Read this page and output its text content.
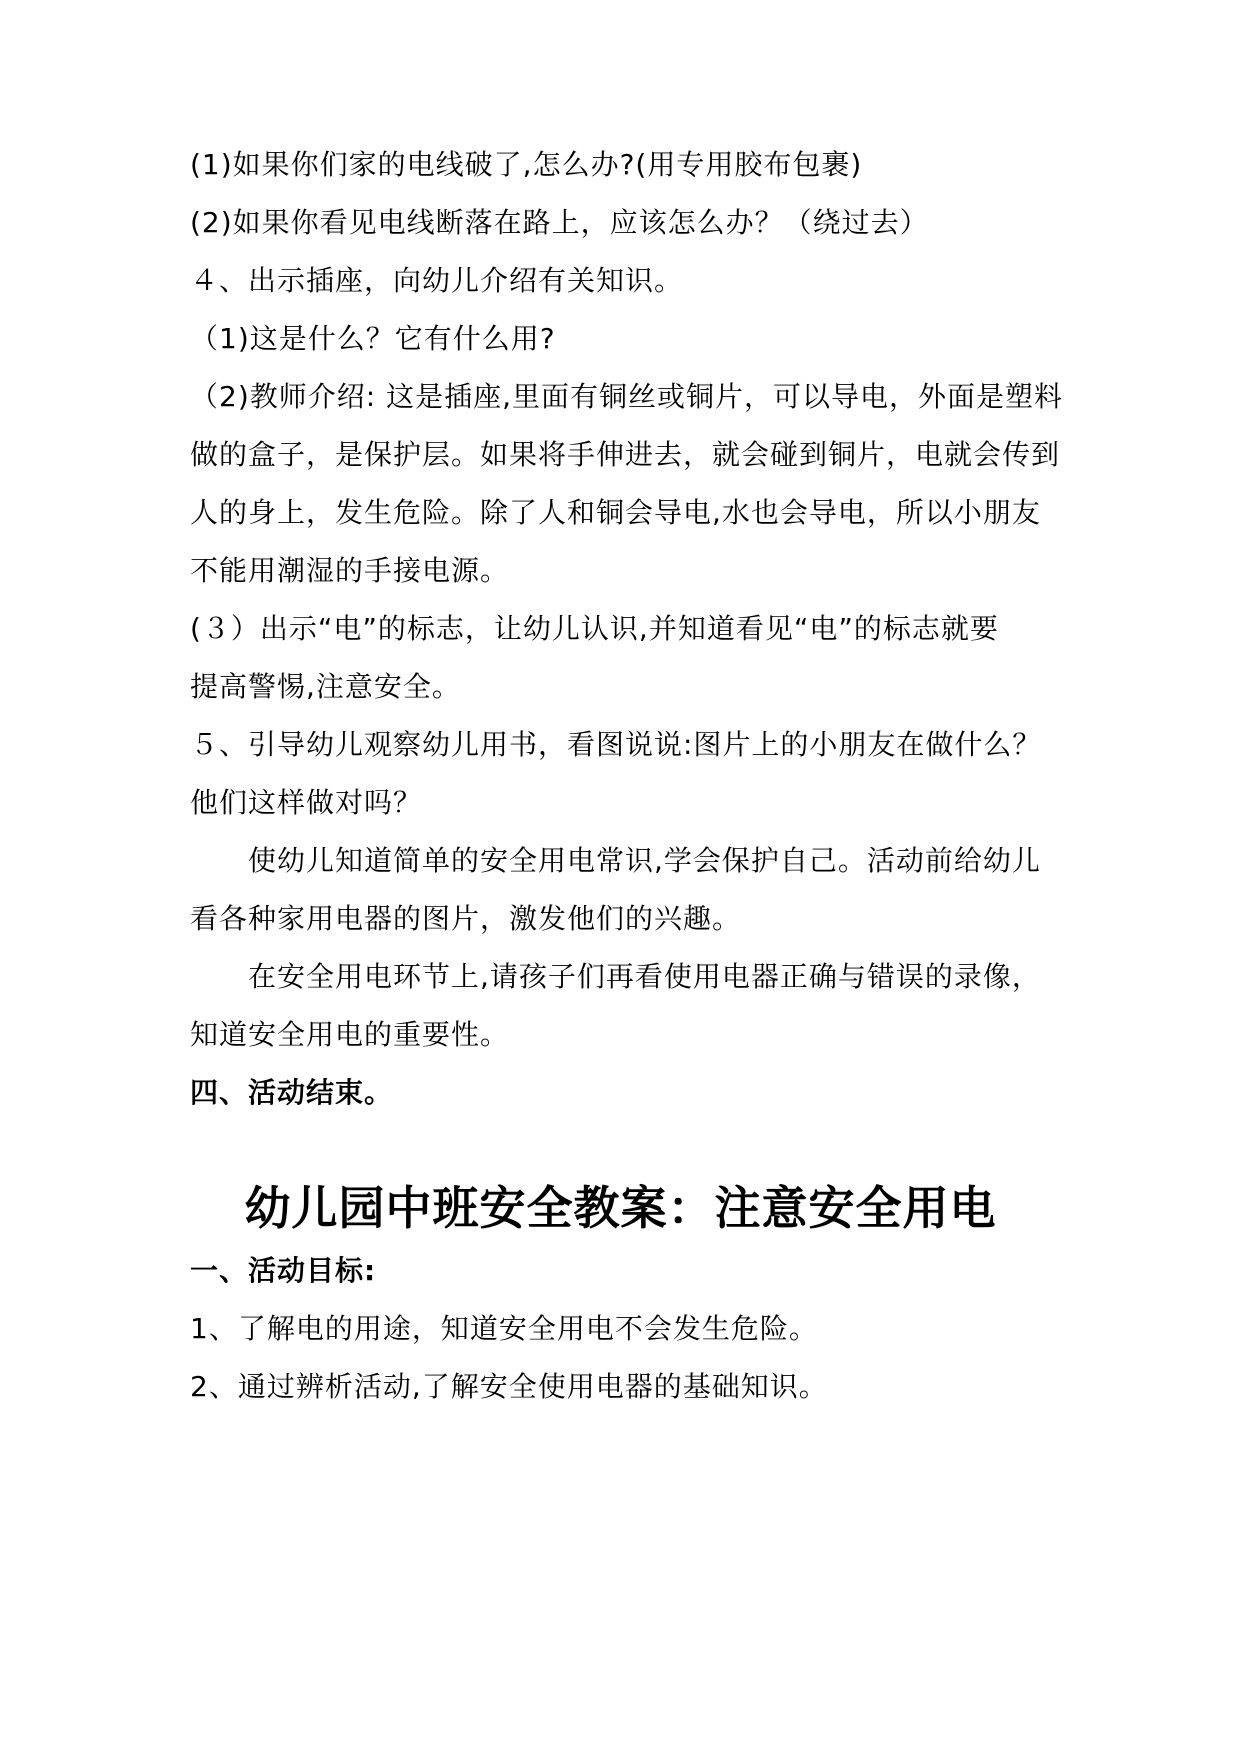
(1)如果你们家的电线破了,怎么办?(用专用胶布包裹)
(2)如果你看见电线断落在路上，应该怎么办？（绕过去）
４、出示插座，向幼儿介绍有关知识。
（1)这是什么？它有什么用?
（2)教师介绍: 这是插座,里面有铜丝或铜片，可以导电，外面是塑料
做的盒子，是保护层。如果将手伸进去，就会碰到铜片，电就会传到
人的身上，发生危险。除了人和铜会导电,水也会导电，所以小朋友
不能用潮湿的手接电源。
(３）出示“电”的标志，让幼儿认识,并知道看见“电”的标志就要
提高警惕,注意安全。
５、引导幼儿观察幼儿用书，看图说说:图片上的小朋友在做什么？
他们这样做对吗？
使幼儿知道简单的安全用电常识,学会保护自己。活动前给幼儿
看各种家用电器的图片，激发他们的兴趣。
在安全用电环节上,请孩子们再看使用电器正确与错误的录像，
知道安全用电的重要性。
四、活动结束。
幼儿园中班安全教案：注意安全用电
一、活动目标:
1、了解电的用途，知道安全用电不会发生危险。
2、通过辨析活动,了解安全使用电器的基础知识。
